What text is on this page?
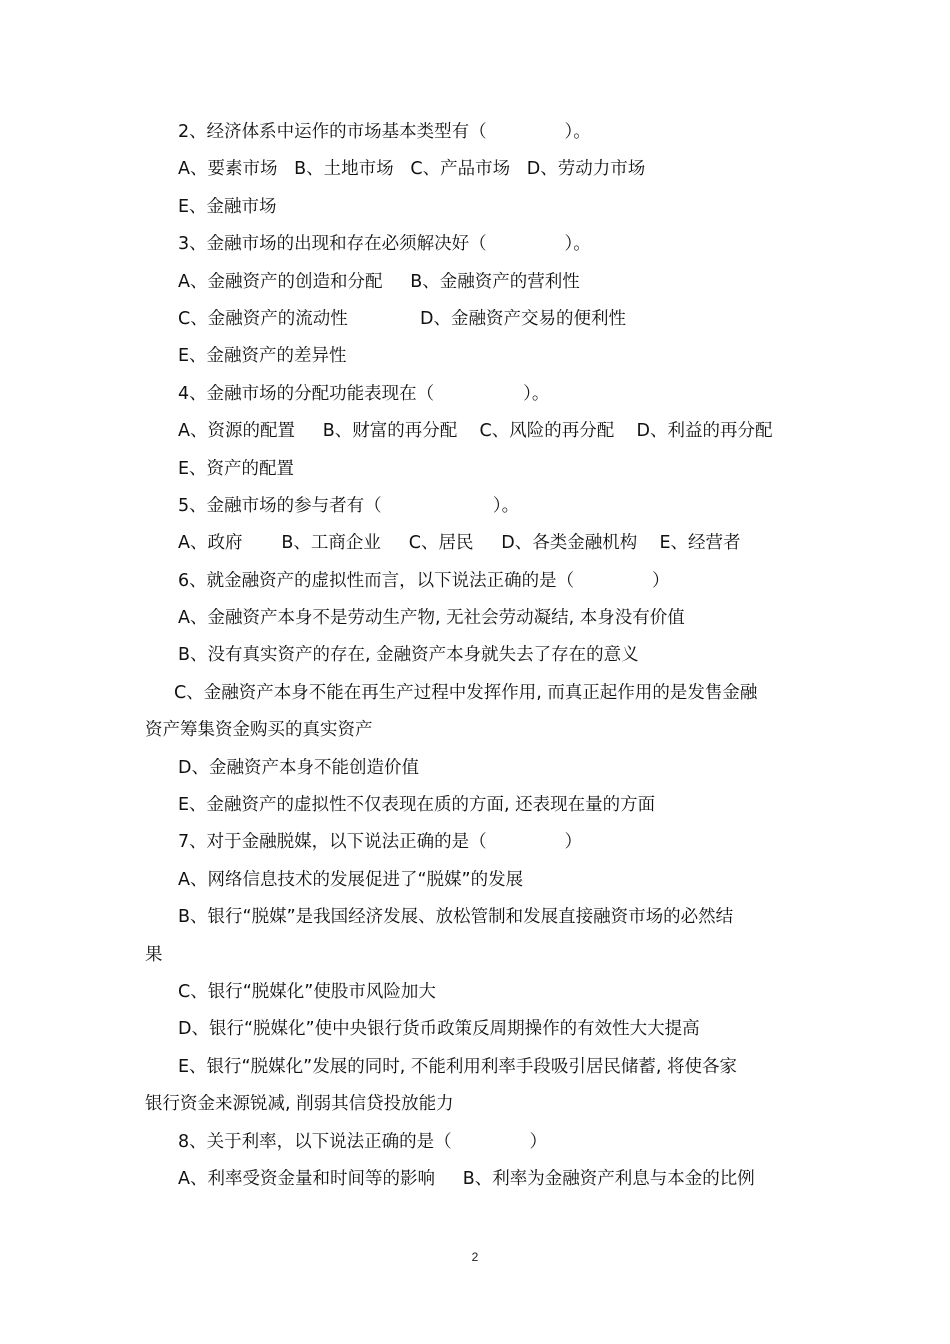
2、经济体系中运作的市场基本类型有（              ）。
A、要素市场   B、土地市场   C、产品市场   D、劳动力市场
E、金融市场
3、金融市场的出现和存在必须解决好（              ）。
A、金融资产的创造和分配     B、金融资产的营利性
C、金融资产的流动性             D、金融资产交易的便利性
E、金融资产的差异性
4、金融市场的分配功能表现在（                ）。
A、资源的配置     B、财富的再分配    C、风险的再分配    D、利益的再分配
E、资产的配置
5、金融市场的参与者有（                    ）。
A、政府       B、工商企业     C、居民     D、各类金融机构    E、经营者
6、就金融资产的虚拟性而言，以下说法正确的是（              ）
A、金融资产本身不是劳动生产物, 无社会劳动凝结, 本身没有价值
B、没有真实资产的存在, 金融资产本身就失去了存在的意义
C、金融资产本身不能在再生产过程中发挥作用, 而真正起作用的是发售金融
资产筹集资金购买的真实资产
D、金融资产本身不能创造价值
E、金融资产的虚拟性不仅表现在质的方面, 还表现在量的方面
7、对于金融脱媒，以下说法正确的是（              ）
A、网络信息技术的发展促进了“脱媒”的发展
B、银行“脱媒”是我国经济发展、放松管制和发展直接融资市场的必然结
果
C、银行“脱媒化”使股市风险加大
D、银行“脱媒化”使中央银行货币政策反周期操作的有效性大大提高
E、银行“脱媒化”发展的同时, 不能利用利率手段吸引居民储蓄, 将使各家
银行资金来源锐减, 削弱其信贷投放能力
8、关于利率，以下说法正确的是（              ）
A、利率受资金量和时间等的影响     B、利率为金融资产利息与本金的比例
2
